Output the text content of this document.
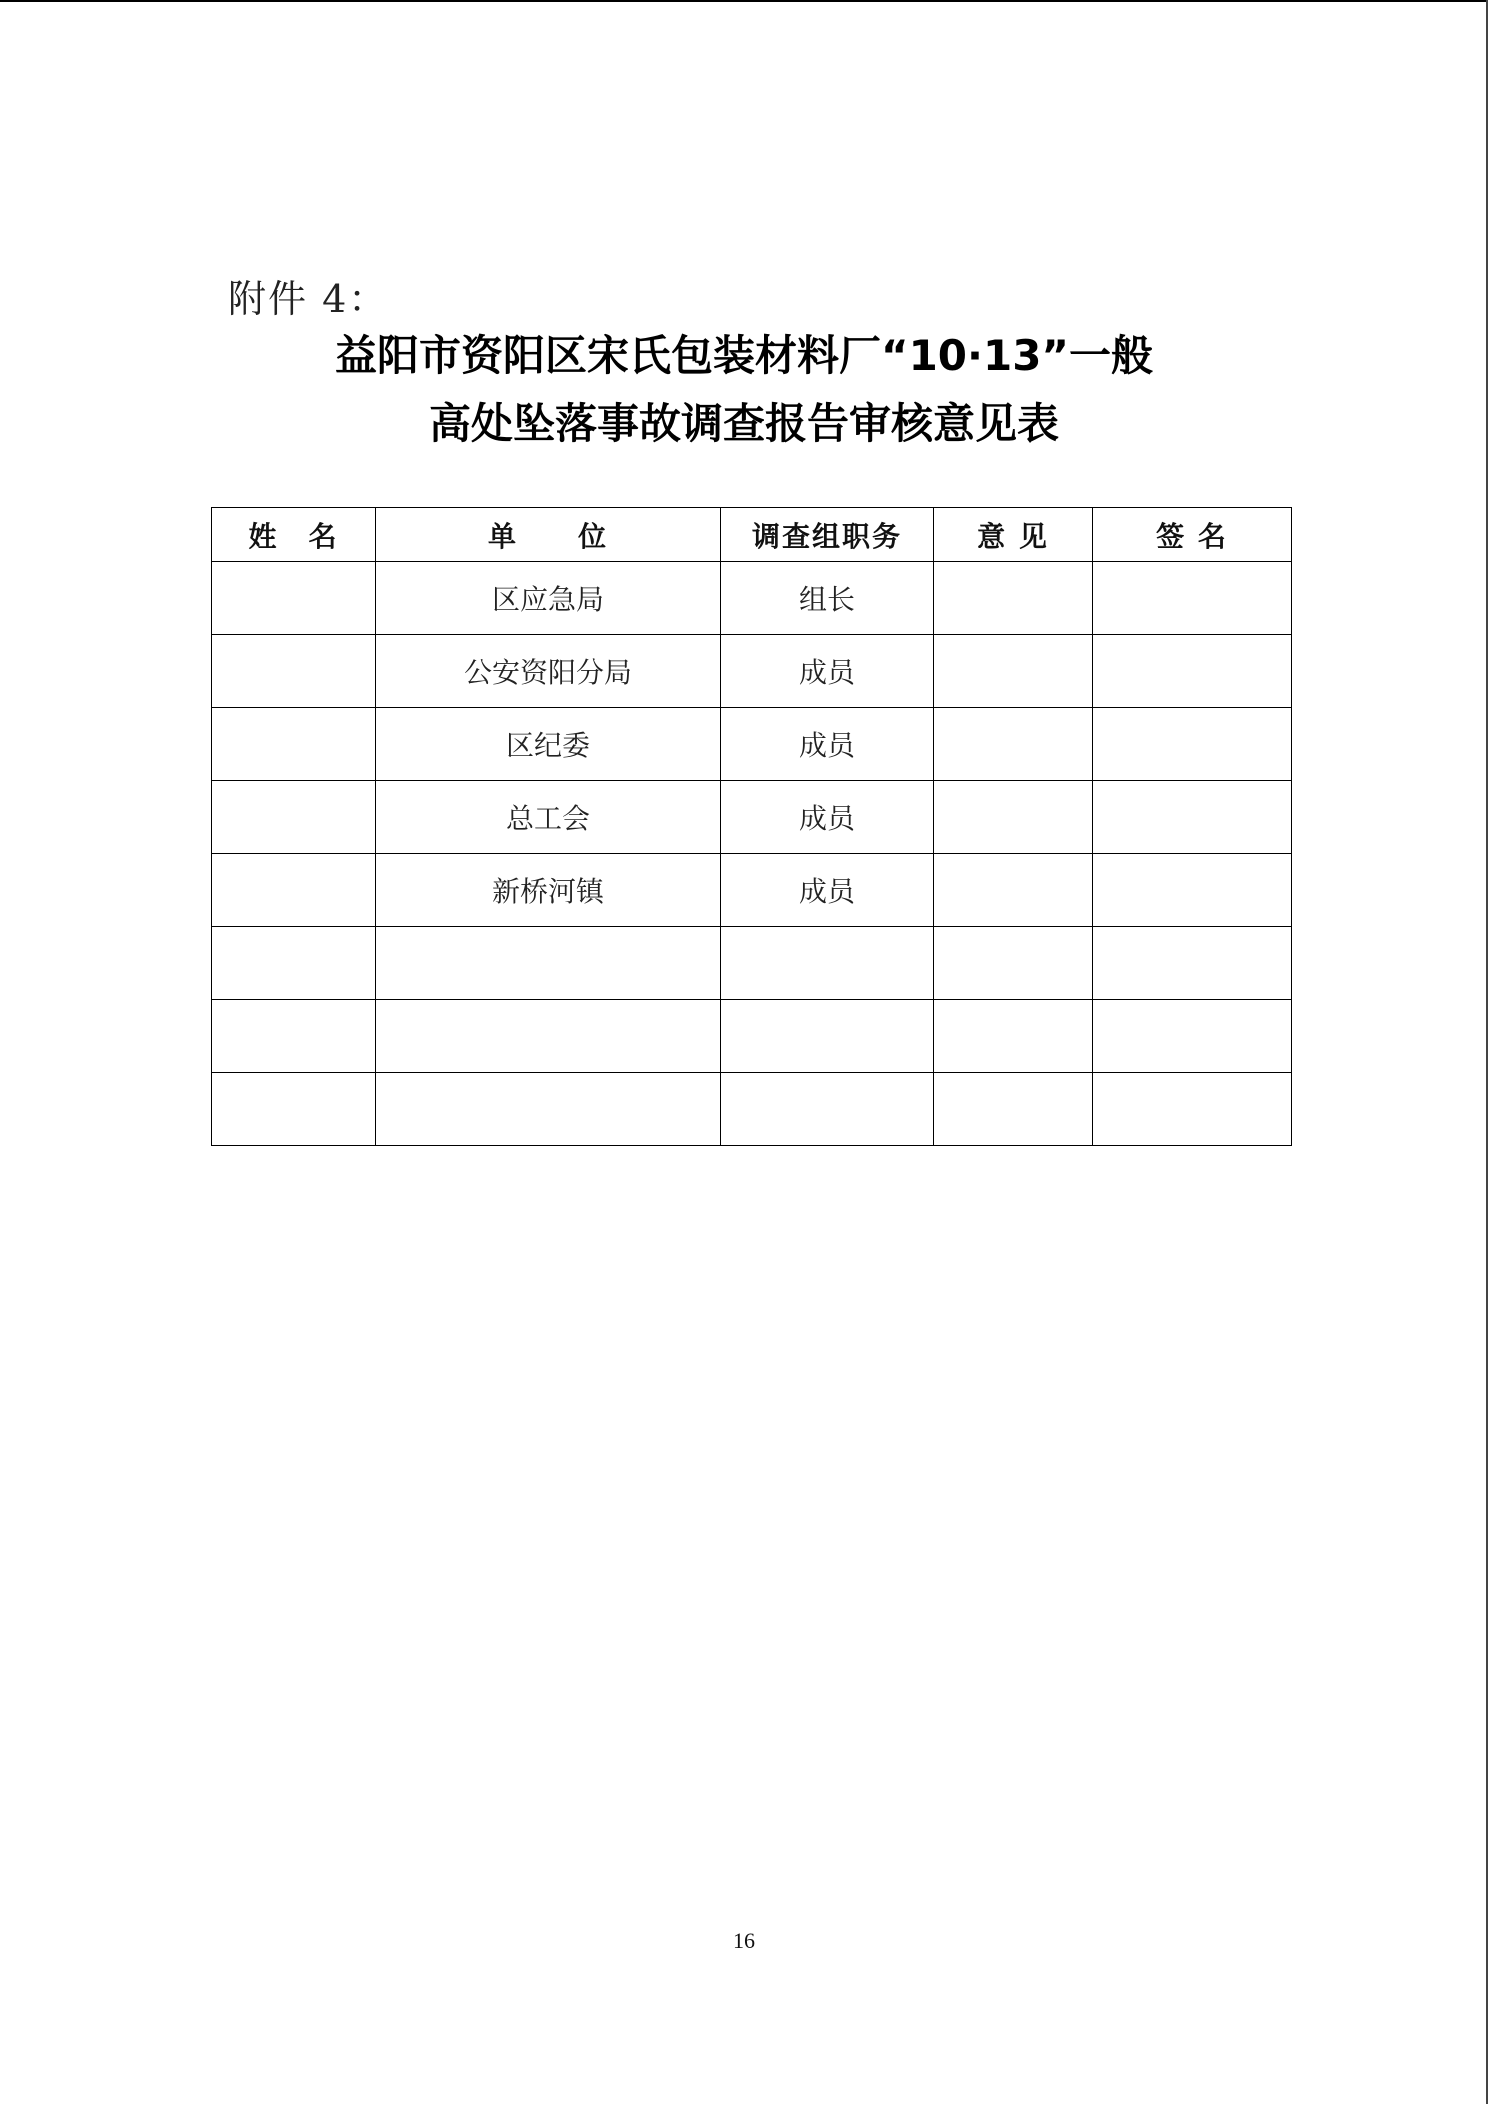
附件 4：
益阳市资阳区宋氏包装材料厂“10·13”一般
高处坠落事故调查报告审核意见表
姓　名	单　　位	调查组职务	意 见	签 名
	区应急局	组长		
	公安资阳分局	成员		
	区纪委	成员		
	总工会	成员		
	新桥河镇	成员		

16
